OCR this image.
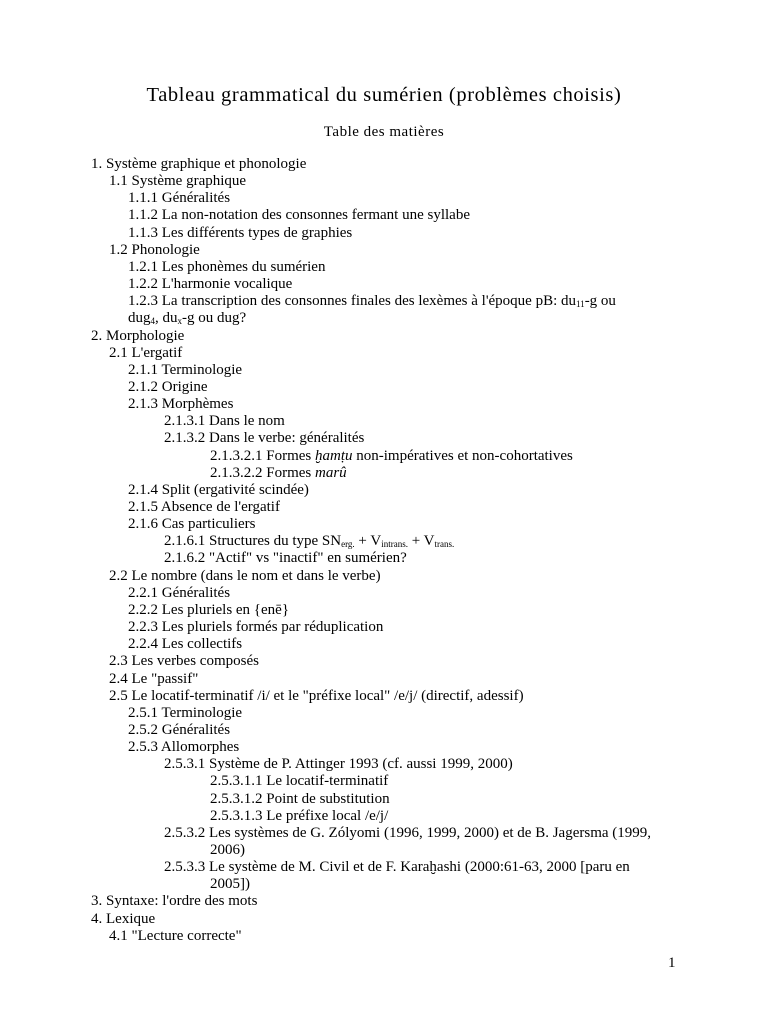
Tableau grammatical du sumérien (problèmes choisis)
Table des matières
1. Système graphique et phonologie
1.1 Système graphique
1.1.1 Généralités
1.1.2 La non-notation des consonnes fermant une syllabe
1.1.3 Les différents types de graphies
1.2 Phonologie
1.2.1 Les phonèmes du sumérien
1.2.2 L'harmonie vocalique
1.2.3 La transcription des consonnes finales des lexèmes à l'époque pB: $du_{11}-g$ ou
dug$_4$, $du_x-g$ ou dug?
2. Morphologie
2.1 L'ergatif
2.1.1 Terminologie
2.1.2 Origine
2.1.3 Morphèmes
2.1.3.1 Dans le nom
2.1.3.2 Dans le verbe: généralités
2.1.3.2.1 Formes ḫamṭu non-impératives et non-cohortatives
2.1.3.2.2 Formes marû
2.1.4 Split (ergativité scindée)
2.1.5 Absence de l'ergatif
2.1.6 Cas particuliers
2.1.6.1 Structures du type $SN_{erg.} + V_{intrans.} + V_{trans.}$
2.1.6.2 "Actif" vs "inactif" en sumérien?
2.2 Le nombre (dans le nom et dans le verbe)
2.2.1 Généralités
2.2.2 Les pluriels en {enē}
2.2.3 Les pluriels formés par réduplication
2.2.4 Les collectifs
2.3 Les verbes composés
2.4 Le "passif"
2.5 Le locatif-terminatif /i/ et le "préfixe local" /e/j/ (directif, adessif)
2.5.1 Terminologie
2.5.2 Généralités
2.5.3 Allomorphes
2.5.3.1 Système de P. Attinger 1993 (cf. aussi 1999, 2000)
2.5.3.1.1 Le locatif-terminatif
2.5.3.1.2 Point de substitution
2.5.3.1.3 Le préfixe local /e/j/
2.5.3.2 Les systèmes de G. Zólyomi (1996, 1999, 2000) et de B. Jagersma (1999,
2006)
2.5.3.3 Le système de M. Civil et de F. Karaḫashi (2000:61-63, 2000 [paru en
2005])
3. Syntaxe: l'ordre des mots
4. Lexique
4.1 "Lecture correcte"
1
